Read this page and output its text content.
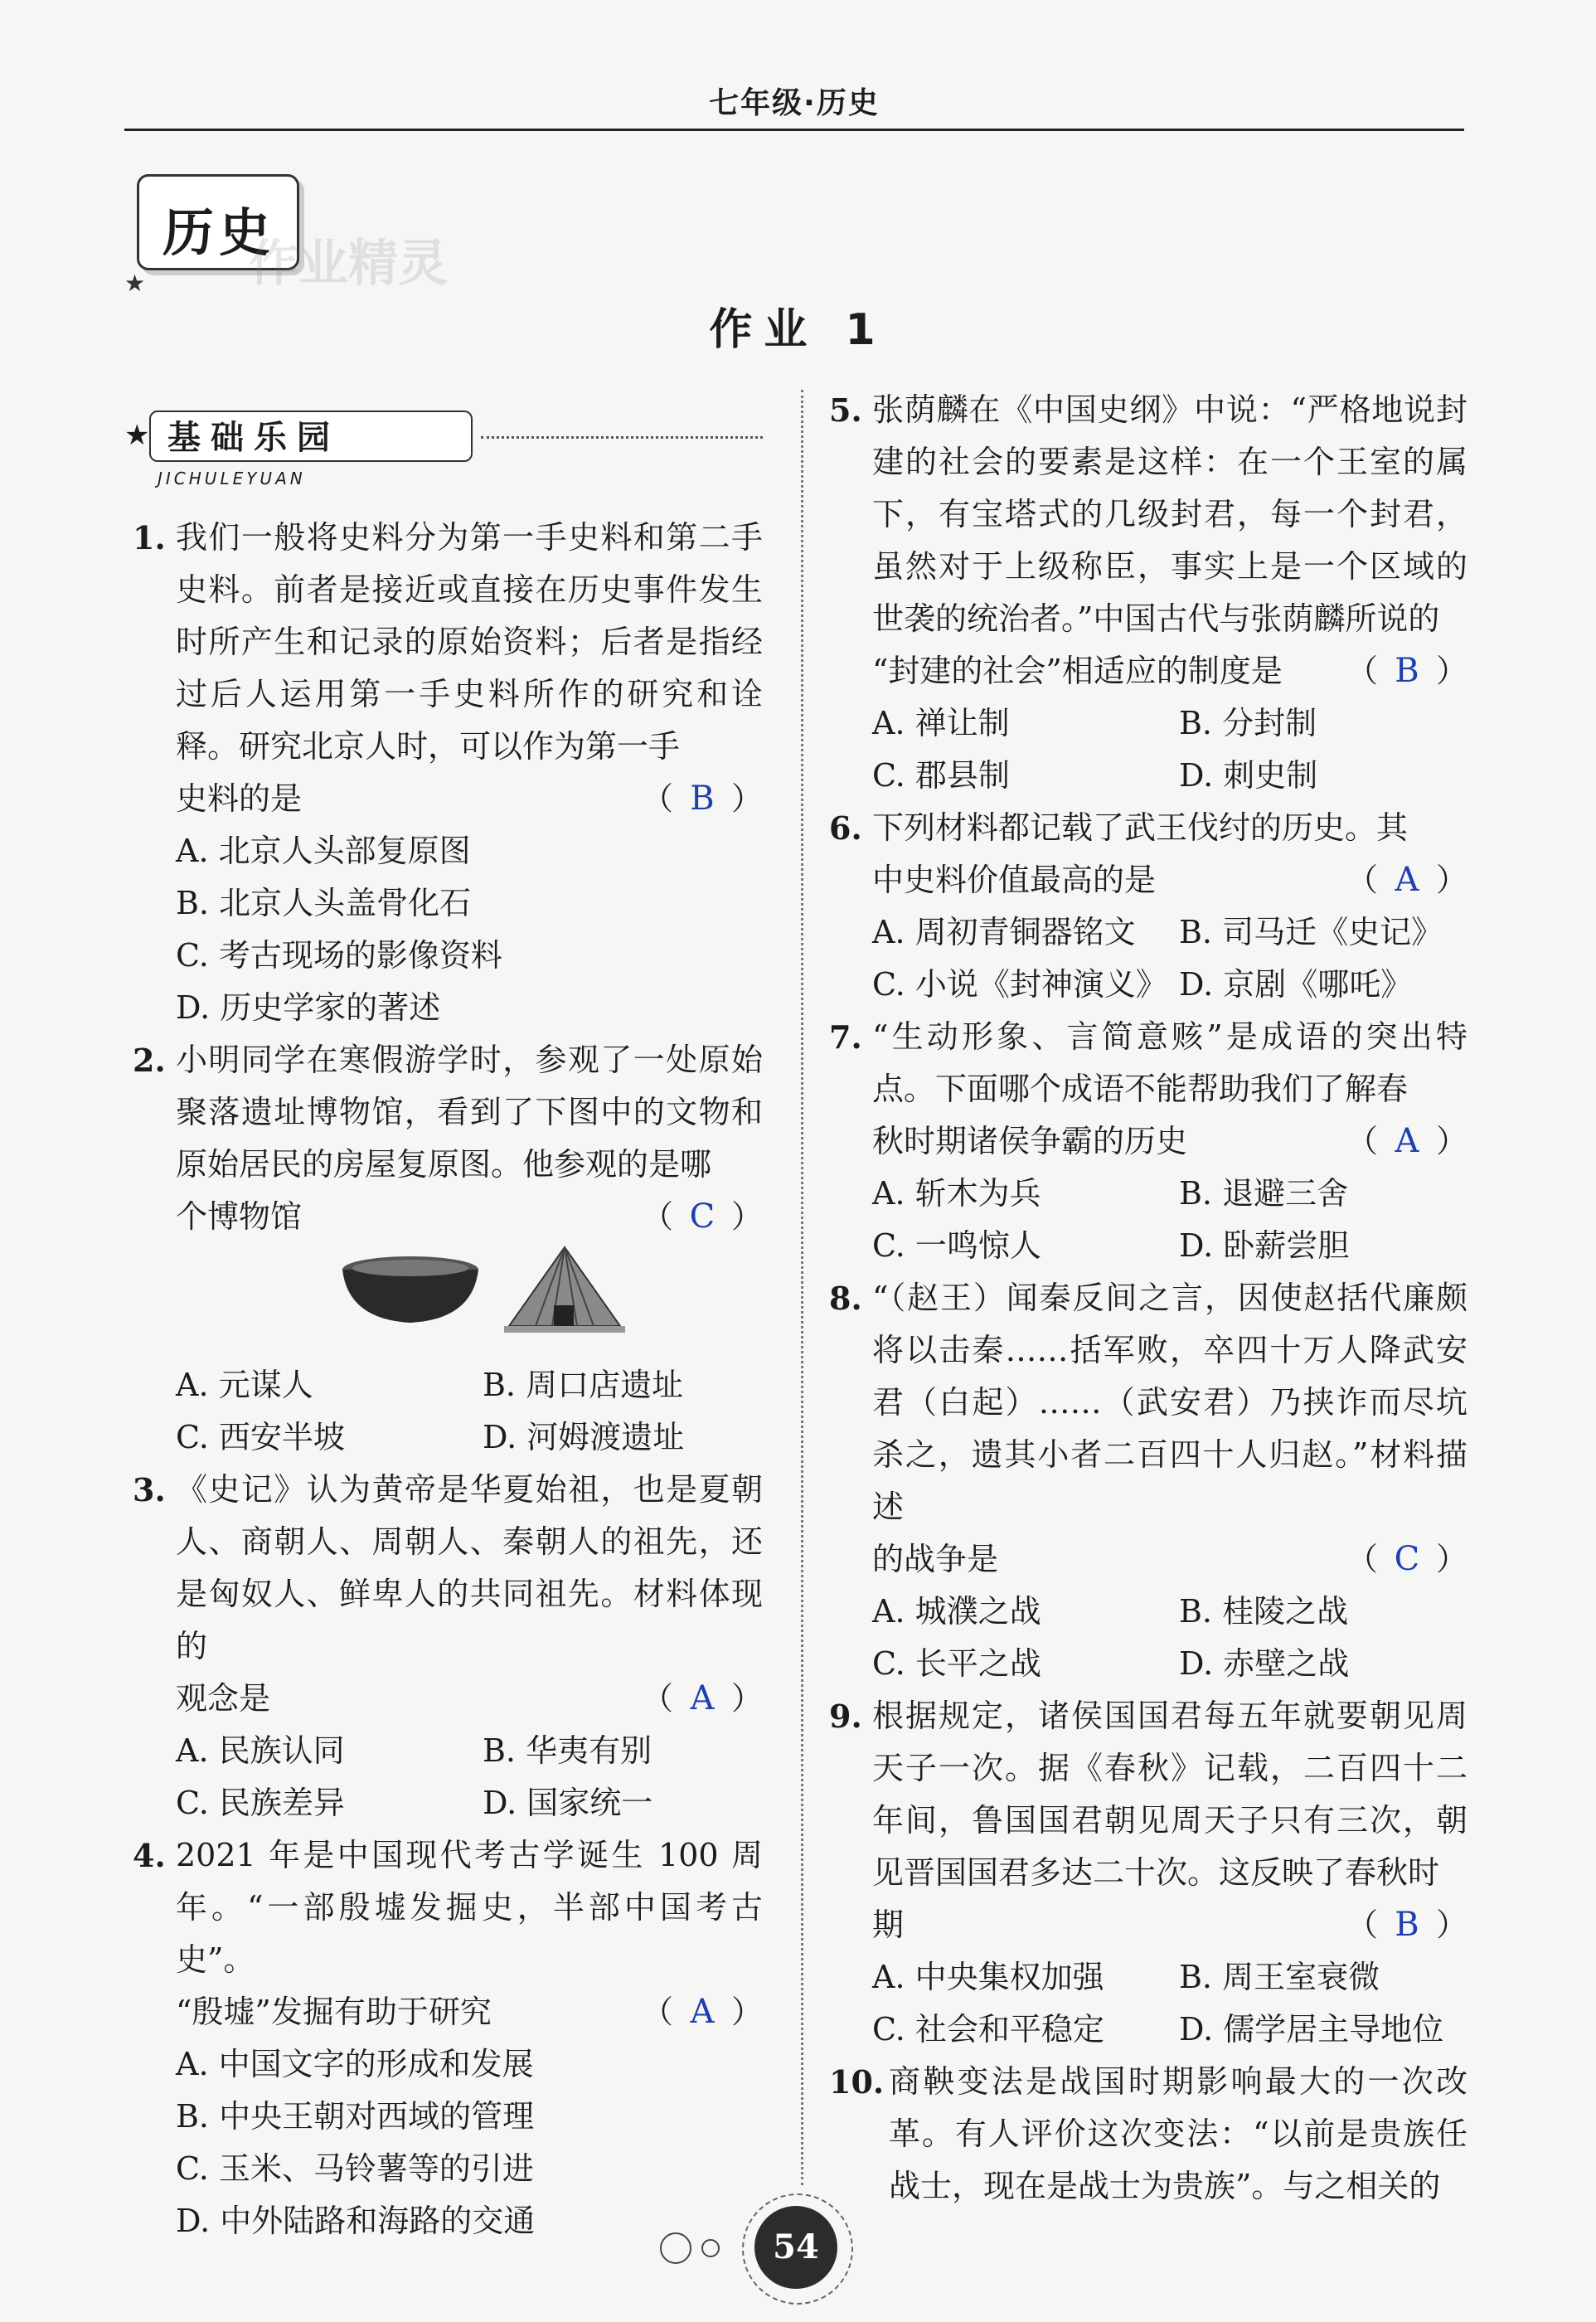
七年级·历史
历史
★ 作业精灵
作业 1
★ 基础乐园
JICHULEYUAN
1. 我们一般将史料分为第一手史料和第二手史料。前者是接近或直接在历史事件发生时所产生和记录的原始资料；后者是指经过后人运用第一手史料所作的研究和诠释。研究北京人时，可以作为第一手
史料的是	（ B ）
A. 北京人头部复原图
B. 北京人头盖骨化石
C. 考古现场的影像资料
D. 历史学家的著述
2. 小明同学在寒假游学时，参观了一处原始聚落遗址博物馆，看到了下图中的文物和原始居民的房屋复原图。他参观的是哪
个博物馆	（ C ）
A. 元谋人	B. 周口店遗址
C. 西安半坡	D. 河姆渡遗址
3. 《史记》认为黄帝是华夏始祖，也是夏朝人、商朝人、周朝人、秦朝人的祖先，还是匈奴人、鲜卑人的共同祖先。材料体现的
观念是	（ A ）
A. 民族认同	B. 华夷有别
C. 民族差异	D. 国家统一
4. 2021 年是中国现代考古学诞生 100 周年。“一部殷墟发掘史，半部中国考古史”。
“殷墟”发掘有助于研究	（ A ）
A. 中国文字的形成和发展
B. 中央王朝对西域的管理
C. 玉米、马铃薯等的引进
D. 中外陆路和海路的交通
5. 张荫麟在《中国史纲》中说：“严格地说封建的社会的要素是这样：在一个王室的属下，有宝塔式的几级封君，每一个封君，虽然对于上级称臣，事实上是一个区域的世袭的统治者。”中国古代与张荫麟所说的
“封建的社会”相适应的制度是 （ B ）
A. 禅让制	B. 分封制
C. 郡县制	D. 刺史制
6. 下列材料都记载了武王伐纣的历史。其
中史料价值最高的是	（ A ）
A. 周初青铜器铭文	B. 司马迁《史记》
C. 小说《封神演义》 D. 京剧《哪吒》
7. “生动形象、言简意赅”是成语的突出特点。下面哪个成语不能帮助我们了解春
秋时期诸侯争霸的历史	（ A ）
A. 斩木为兵	B. 退避三舍
C. 一鸣惊人	D. 卧薪尝胆
8. “（赵王）闻秦反间之言，因使赵括代廉颇将以击秦……括军败，卒四十万人降武安君（白起）……（武安君）乃挟诈而尽坑杀之，遗其小者二百四十人归赵。”材料描述
的战争是	（ C ）
A. 城濮之战	B. 桂陵之战
C. 长平之战	D. 赤壁之战
9. 根据规定，诸侯国国君每五年就要朝见周天子一次。据《春秋》记载，二百四十二年间，鲁国国君朝见周天子只有三次，朝见晋国国君多达二十次。这反映了春秋时
期	（ B ）
A. 中央集权加强	B. 周王室衰微
C. 社会和平稳定	D. 儒学居主导地位
10. 商鞅变法是战国时期影响最大的一次改革。有人评价这次变法：“以前是贵族任战士，现在是战士为贵族”。与之相关的
54
